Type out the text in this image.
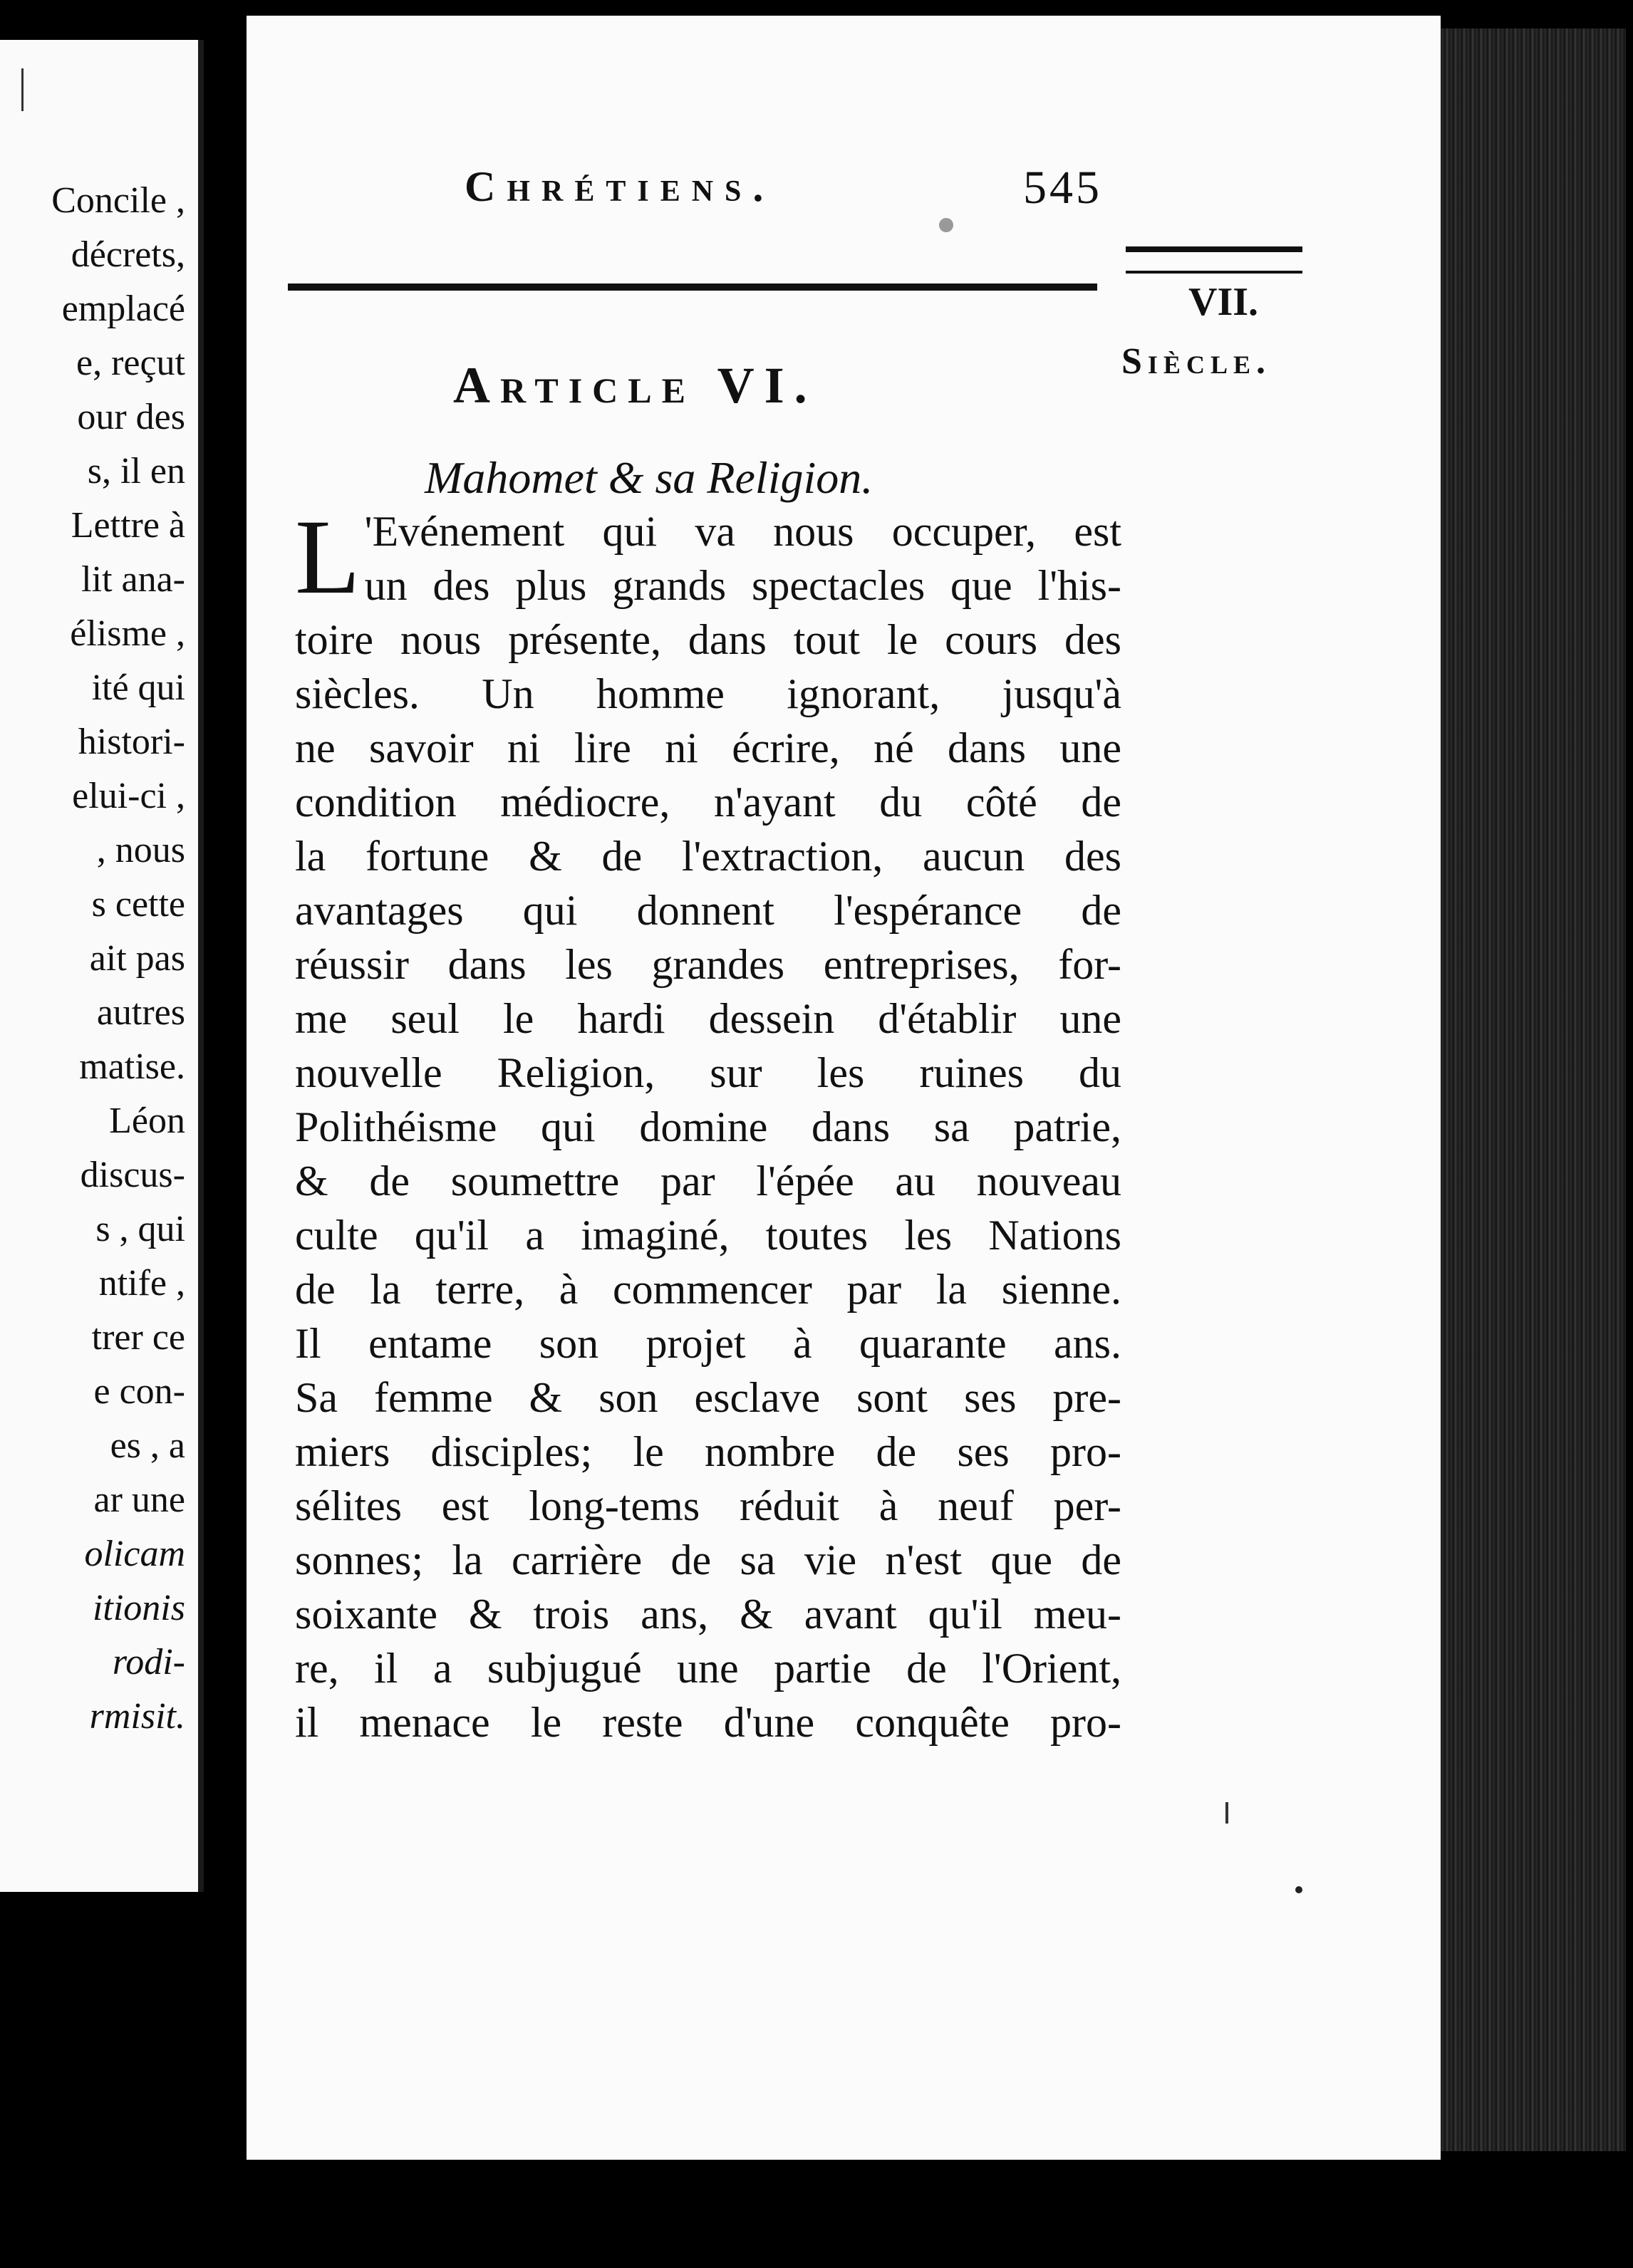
Concile ,
décrets,
emplacé
e, reçut
our des
s, il en
Lettre à
lit ana-
élisme ,
ité qui
histori-
elui-ci ,
, nous
s cette
ait pas
autres
matise.
Léon
discus-
s , qui
ntife ,
trer ce
e con-
es , a
ar une
olicam
itionis
rodi-
rmisit.
Chrétiens.	545
VII.
Siècle.
Article VI.
Mahomet & sa Religion.
L 'Evénement qui va nous occuper, est
un des plus grands spectacles que l'his-
toire nous présente, dans tout le cours des
siècles. Un homme ignorant, jusqu'à
ne savoir ni lire ni écrire, né dans une
condition médiocre, n'ayant du côté de
la fortune & de l'extraction, aucun des
avantages qui donnent l'espérance de
réussir dans les grandes entreprises, for-
me seul le hardi dessein d'établir une
nouvelle Religion, sur les ruines du
Polithéisme qui domine dans sa patrie,
& de soumettre par l'épée au nouveau
culte qu'il a imaginé, toutes les Nations
de la terre, à commencer par la sienne.
Il entame son projet à quarante ans.
Sa femme & son esclave sont ses pre-
miers disciples; le nombre de ses pro-
sélites est long-tems réduit à neuf per-
sonnes; la carrière de sa vie n'est que de
soixante & trois ans, & avant qu'il meu-
re, il a subjugué une partie de l'Orient,
il menace le reste d'une conquête pro-
